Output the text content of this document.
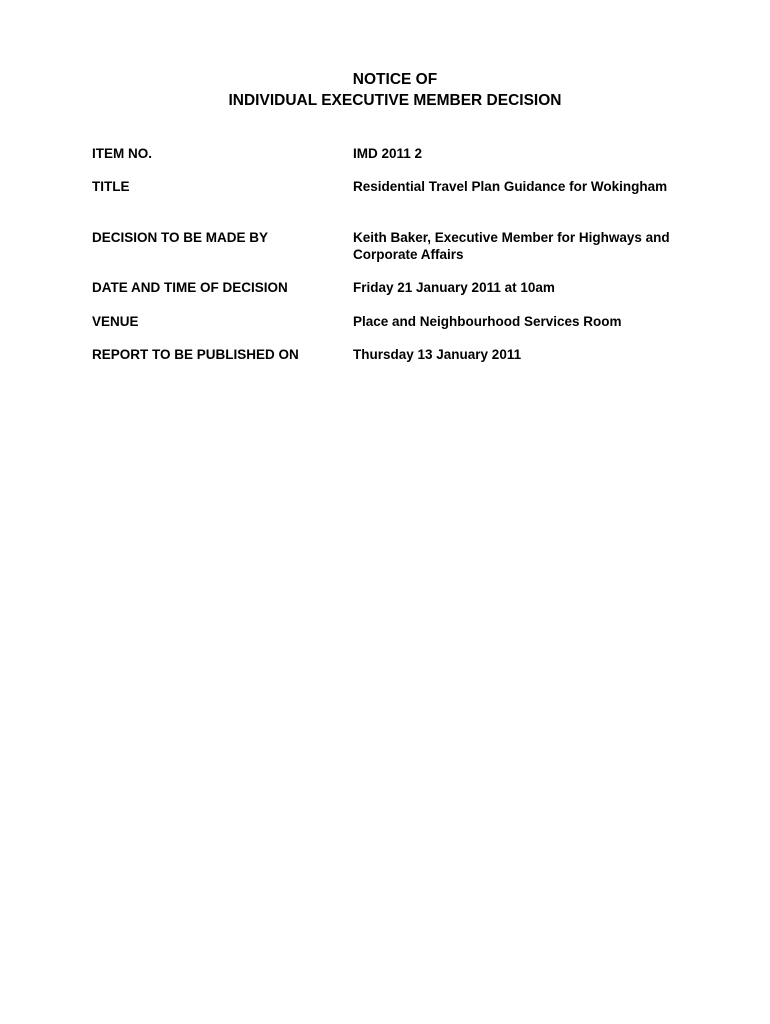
NOTICE OF
INDIVIDUAL EXECUTIVE MEMBER DECISION
ITEM NO.	IMD 2011 2
TITLE	Residential Travel Plan Guidance for Wokingham
DECISION TO BE MADE BY	Keith Baker, Executive Member for Highways and Corporate Affairs
DATE AND TIME OF DECISION	Friday 21 January 2011 at 10am
VENUE	Place and Neighbourhood Services Room
REPORT TO BE PUBLISHED ON	Thursday 13 January 2011
